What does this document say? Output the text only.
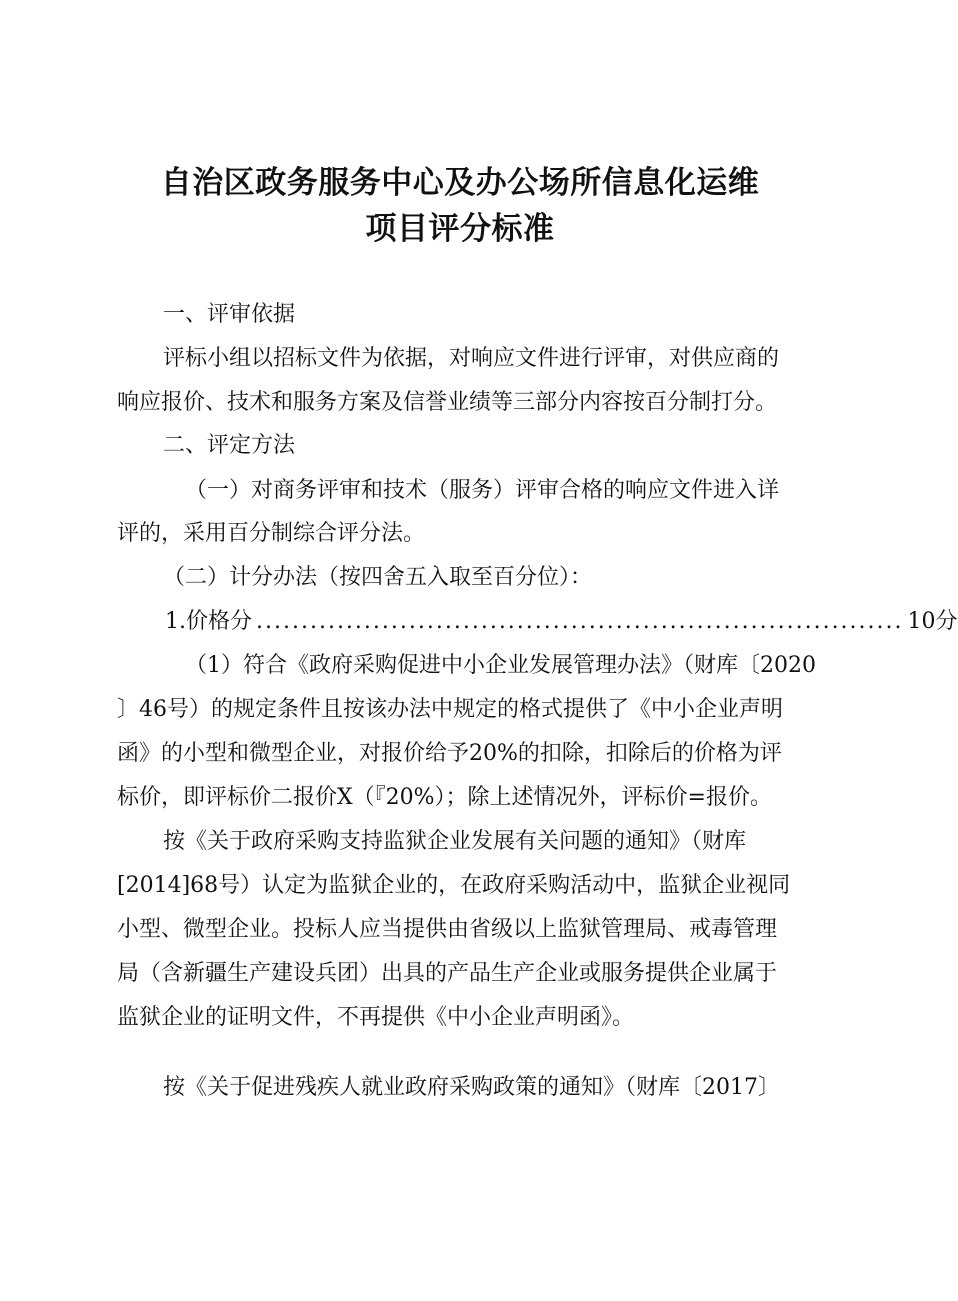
自治区政务服务中心及办公场所信息化运维
项目评分标准
一、评审依据
评标小组以招标文件为依据，对响应文件进行评审，对供应商的
响应报价、技术和服务方案及信誉业绩等三部分内容按百分制打分。
二、评定方法
（一）对商务评审和技术（服务）评审合格的响应文件进入详
评的，采用百分制综合评分法。
（二）计分办法（按四舍五入取至百分位）：
1.价格分 ........................................................................ 10分
（1）符合《政府采购促进中小企业发展管理办法》（财库〔2020
〕46号）的规定条件且按该办法中规定的格式提供了《中小企业声明
函》的小型和微型企业，对报价给予20%的扣除，扣除后的价格为评
标价，即评标价二报价X（『20%）；除上述情况外，评标价=报价。
按《关于政府采购支持监狱企业发展有关问题的通知》（财库
[2014]68号）认定为监狱企业的，在政府采购活动中，监狱企业视同
小型、微型企业。投标人应当提供由省级以上监狱管理局、戒毒管理
局（含新疆生产建设兵团）出具的产品生产企业或服务提供企业属于
监狱企业的证明文件，不再提供《中小企业声明函》。
按《关于促进残疾人就业政府采购政策的通知》（财库〔2017〕
